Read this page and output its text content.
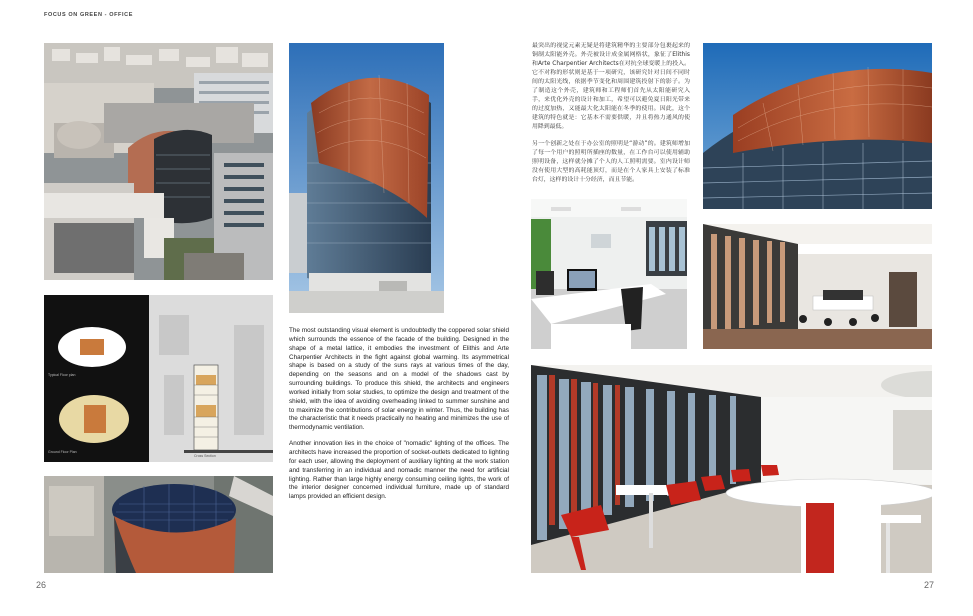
FOCUS ON GREEN - OFFICE
Typical Floor plan
Ground Floor Plan
Cross Section

The most outstanding visual element is undoubtedly the coppered solar shield which surrounds the essence of the facade of the building. Designed in the shape of a metal lattice, it embodies the investment of Elithis and Arte Charpentier Architects in the fight against global warming. Its asymmetrical shape is based on a study of the suns rays at various times of the day, depending on the seasons and on a model of the shadows cast by surrounding buildings. To produce this shield, the architects and engineers worked initially from solar studies, to optimize the design and treatment of the shield, with the idea of avoiding overheading linked to summer sunshine and to maximize the contributions of solar energy in winter. Thus, the building has the characteristic that it needs practically no heating and minimizes the use of thermodynamic ventilation.

Another innovation lies in the choice of "nomadic" lighting of the offices. The architects have increased the proportion of socket-outlets dedicated to lighting for each user, allowing the deployment of auxiliary lighting at the work station and transferring in an individual and nomadic manner the need for artificial lighting. Rather than large highly energy consuming ceiling lights, the work of the interior designer concerned individual furniture, made up of standard lamps provided an efficient design.

26

最突出的视觉元素无疑是将建筑精华的主要部分包裹起来的铜制太阳能外壳。外壳被设计成金属网格状，象征了Elithis和Arte Charpentier Architects在对抗全球变暖上的投入。它不对称的形状则是基于一项研究，该研究针对日间不同时间的太阳光线，依据季节变化和周围建筑投射下的影子。为了制造这个外壳，建筑师和工程师们首先从太阳能研究入手，来优化外壳的设计和加工，希望可以避免夏日阳光带来的过度加热，又能最大化太阳能在冬季的使用。因此，这个建筑的特色就是：它基本不需要供暖，并且将热力通风的使用降到最低。

另一个创新之处在于办公室的照明是“游动”的。建筑师增加了每一个用户的照明所插座的数量，在工作台可以使用辅助照明设备，这样就分摊了个人的人工照明需要。室内设计师没有使用大型的高耗能顶灯，而是在个人家具上安装了标准台灯，这样的设计十分经济，而且节能。

27
